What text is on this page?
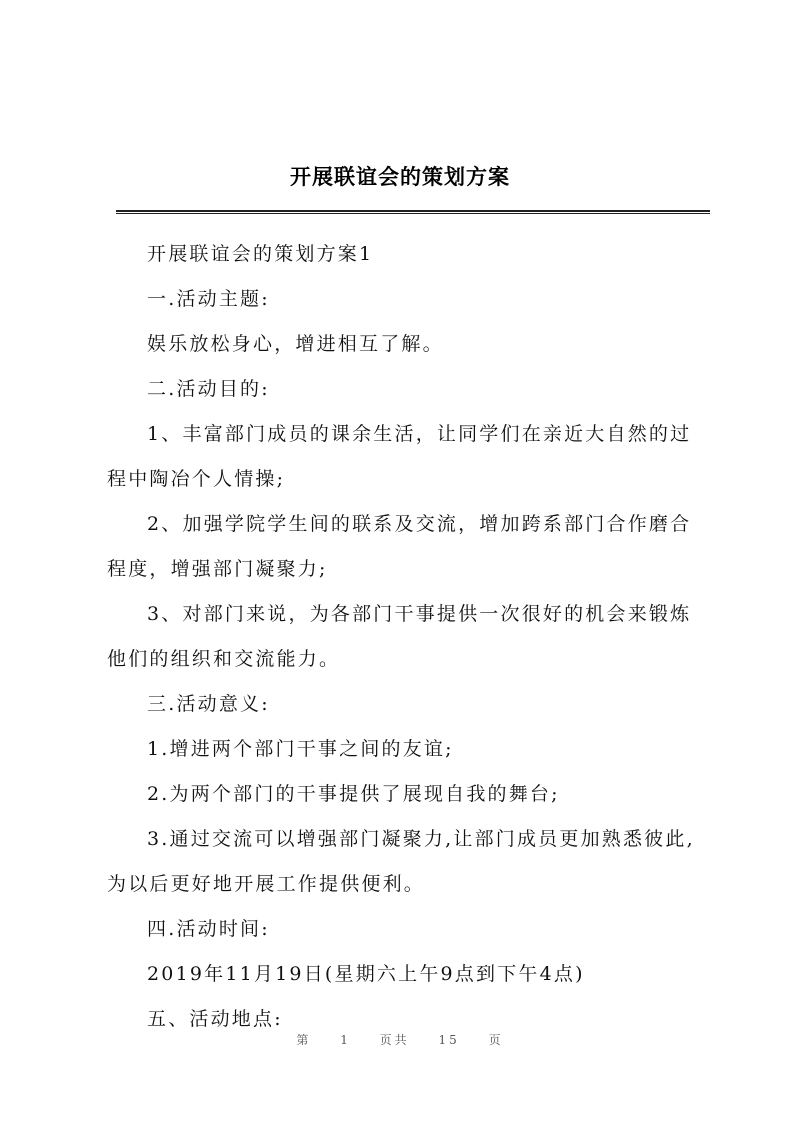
开展联谊会的策划方案

开展联谊会的策划方案1

一.活动主题:

娱乐放松身心，增进相互了解。

二.活动目的:

1、丰富部门成员的课余生活，让同学们在亲近大自然的过程中陶冶个人情操;

2、加强学院学生间的联系及交流，增加跨系部门合作磨合程度，增强部门凝聚力;

3、对部门来说，为各部门干事提供一次很好的机会来锻炼他们的组织和交流能力。

三.活动意义:

1.增进两个部门干事之间的友谊;

2.为两个部门的干事提供了展现自我的舞台;

3.通过交流可以增强部门凝聚力,让部门成员更加熟悉彼此,为以后更好地开展工作提供便利。

四.活动时间:

2019年11月19日(星期六上午9点到下午4点)

五、活动地点:

第 1 页共 15 页
